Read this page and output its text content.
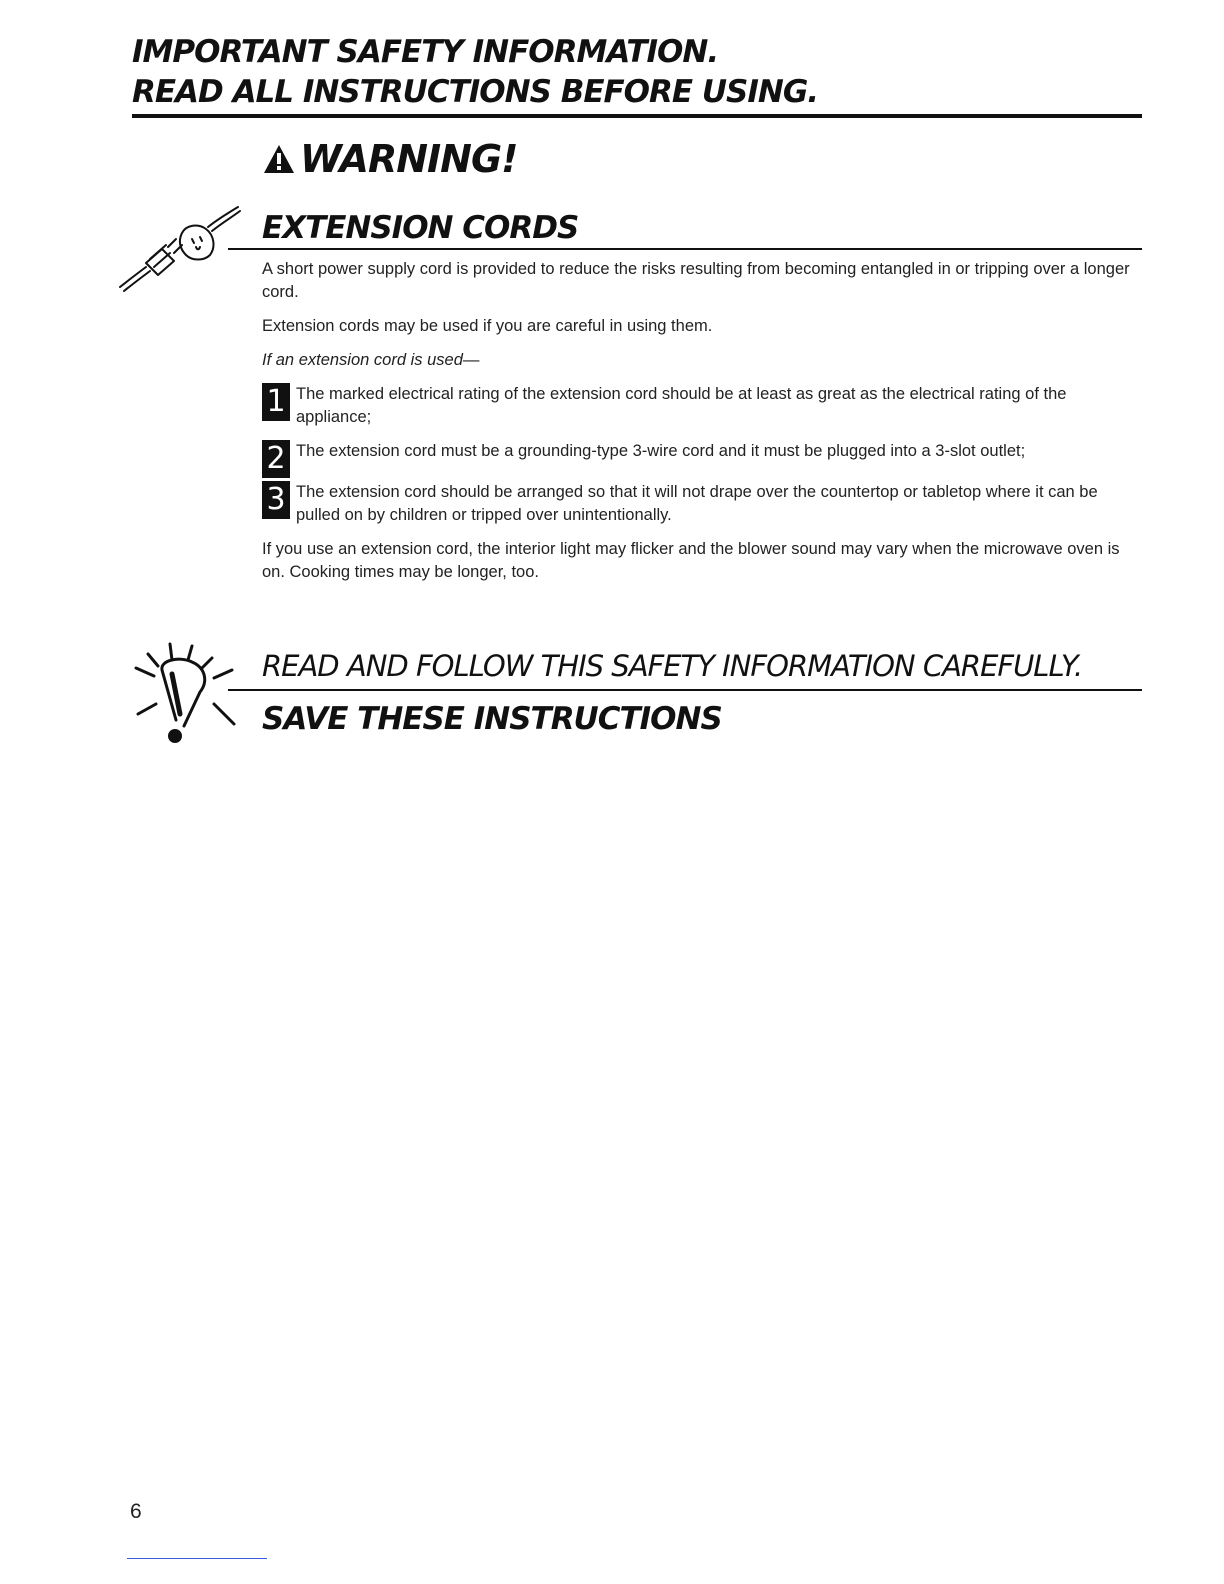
IMPORTANT SAFETY INFORMATION.
READ ALL INSTRUCTIONS BEFORE USING.
WARNING!
EXTENSION CORDS

A short power supply cord is provided to reduce the risks resulting from becoming entangled in or tripping over a longer cord.

Extension cords may be used if you are careful in using them.

If an extension cord is used—

1 The marked electrical rating of the extension cord should be at least as great as the electrical rating of the appliance;
2 The extension cord must be a grounding-type 3-wire cord and it must be plugged into a 3-slot outlet;
3 The extension cord should be arranged so that it will not drape over the countertop or tabletop where it can be pulled on by children or tripped over unintentionally.

If you use an extension cord, the interior light may flicker and the blower sound may vary when the microwave oven is on. Cooking times may be longer, too.

READ AND FOLLOW THIS SAFETY INFORMATION CAREFULLY.
SAVE THESE INSTRUCTIONS
6
